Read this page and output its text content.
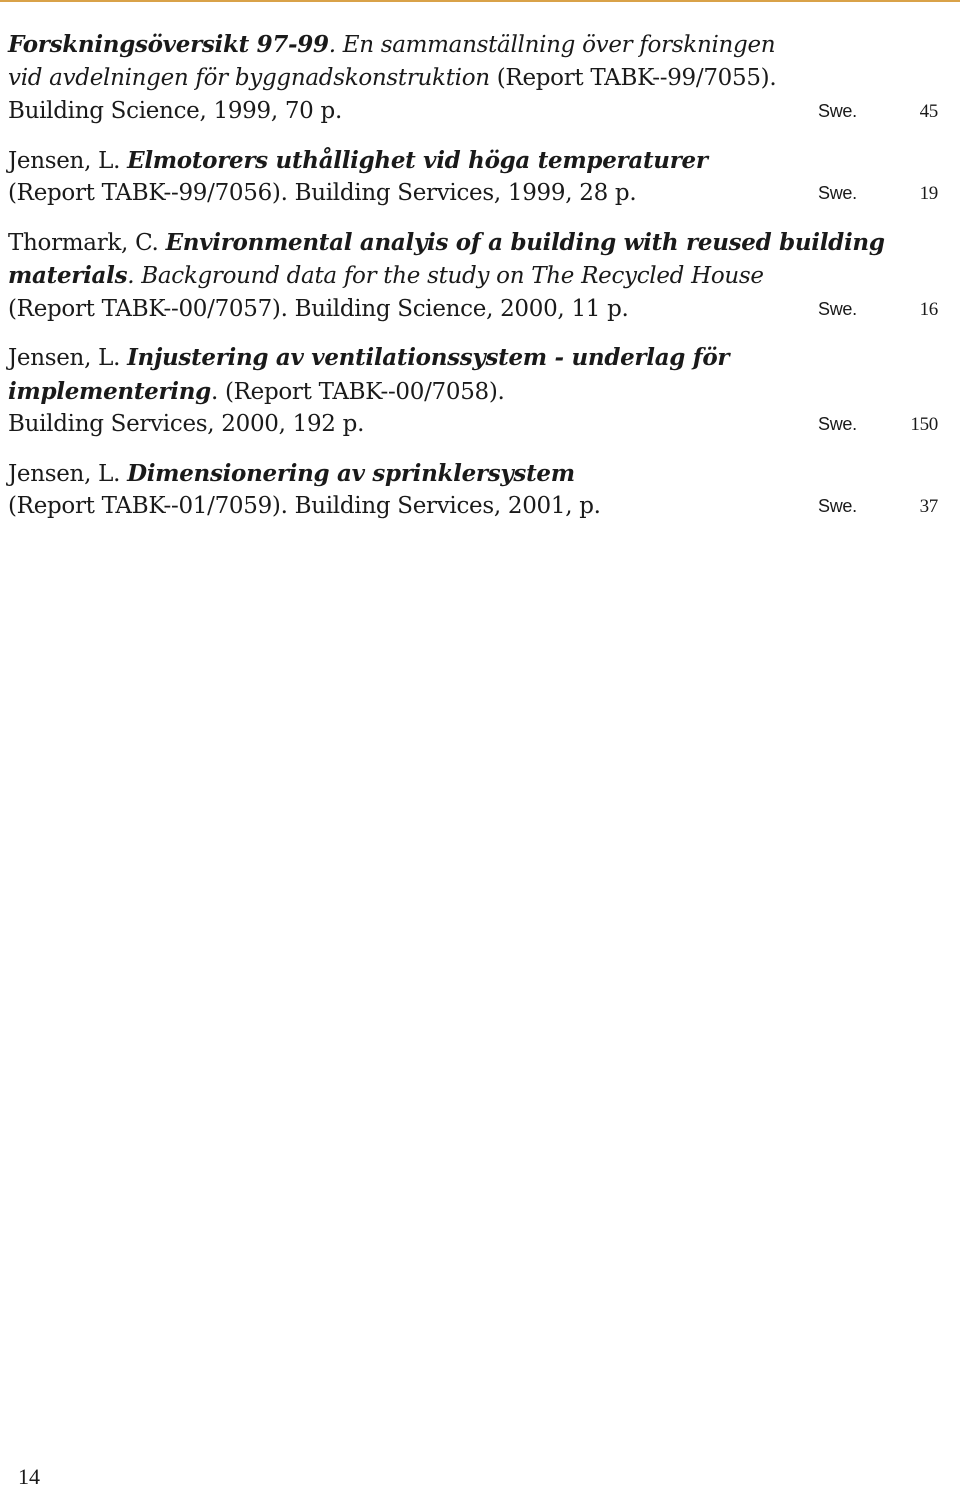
Forskningsöversikt 97-99. En sammanställning över forskningen
vid avdelningen för byggnadskonstruktion (Report TABK--99/7055).
Building Science, 1999, 70 p.	Swe.	45
Jensen, L. Elmotorers uthållighet vid höga temperaturer
(Report TABK--99/7056). Building Services, 1999, 28 p.	Swe.	19
Thormark, C. Environmental analyis of a building with reused building
materials. Background data for the study on The Recycled House
(Report TABK--00/7057). Building Science, 2000, 11 p.	Swe.	16
Jensen, L. Injustering av ventilationssystem - underlag för
implementering. (Report TABK--00/7058).
Building Services, 2000, 192 p.	Swe.	150
Jensen, L. Dimensionering av sprinklersystem
(Report TABK--01/7059). Building Services, 2001, p.	Swe.	37
14
